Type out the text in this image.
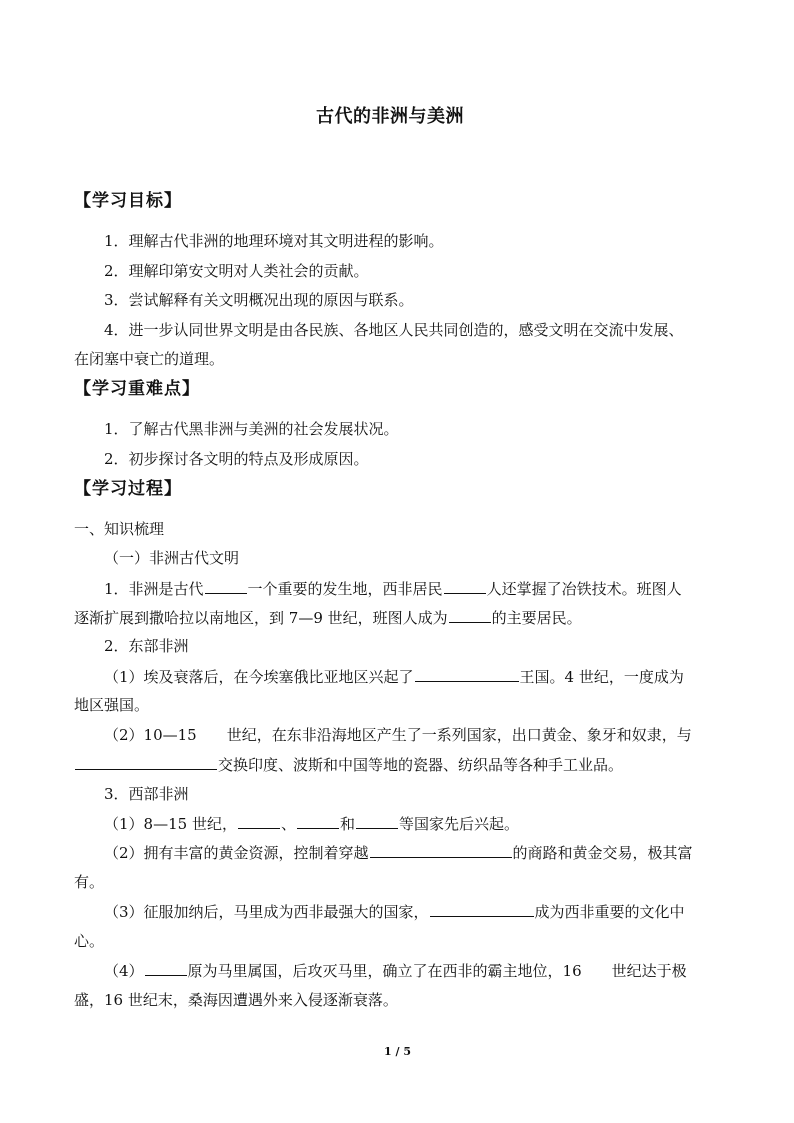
古代的非洲与美洲
【学习目标】
1．理解古代非洲的地理环境对其文明进程的影响。
2．理解印第安文明对人类社会的贡献。
3．尝试解释有关文明概况出现的原因与联系。
4．进一步认同世界文明是由各民族、各地区人民共同创造的，感受文明在交流中发展、
在闭塞中衰亡的道理。
【学习重难点】
1．了解古代黑非洲与美洲的社会发展状况。
2．初步探讨各文明的特点及形成原因。
【学习过程】
一、知识梳理
（一）非洲古代文明
1．非洲是古代	一个重要的发生地，西非居民	人还掌握了冶铁技术。班图人
逐渐扩展到撒哈拉以南地区，到 7—9 世纪，班图人成为	的主要居民。
2．东部非洲
（1）埃及衰落后，在今埃塞俄比亚地区兴起了	王国。4 世纪，一度成为
地区强国。
（2）10—15　　世纪，在东非沿海地区产生了一系列国家，出口黄金、象牙和奴隶，与
交换印度、波斯和中国等地的瓷器、纺织品等各种手工业品。
3．西部非洲
（1）8—15 世纪，	、	和	等国家先后兴起。
（2）拥有丰富的黄金资源，控制着穿越	的商路和黄金交易，极其富
有。
（3）征服加纳后，马里成为西非最强大的国家，	成为西非重要的文化中
心。
（4）	原为马里属国，后攻灭马里，确立了在西非的霸主地位，16　　世纪达于极
盛，16 世纪末，桑海因遭遇外来入侵逐渐衰落。
1 / 5
